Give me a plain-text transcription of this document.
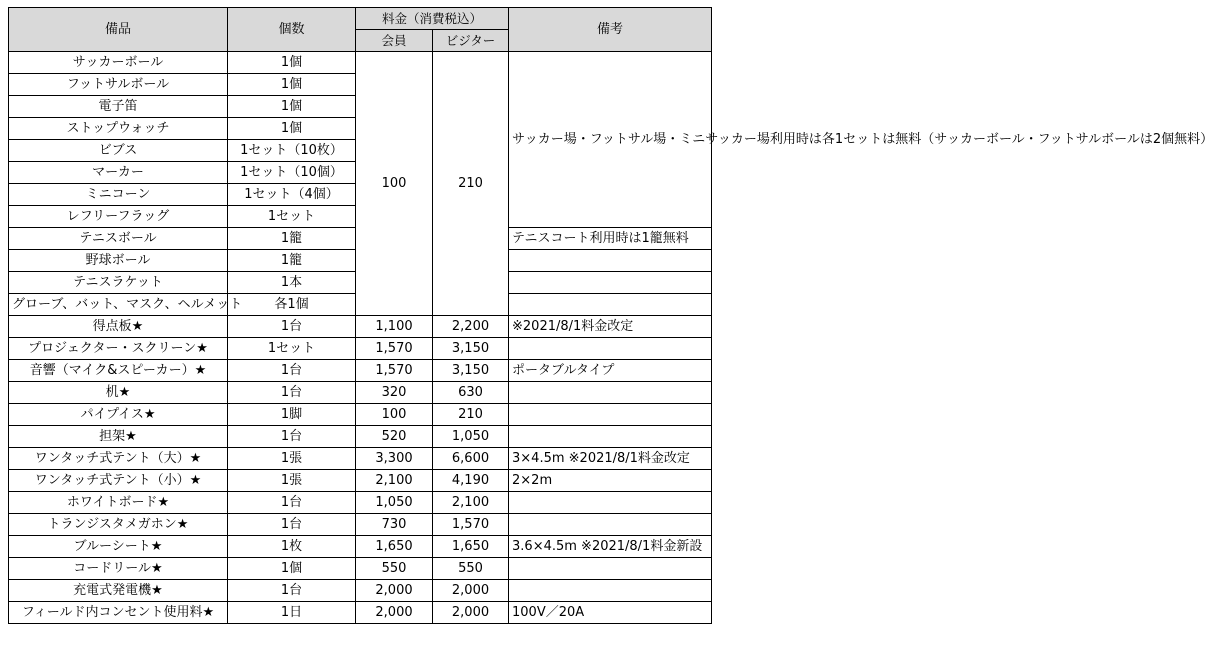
備品	個数	料金（消費税込）		備考
		会員	ビジター	
サッカーボール	1個	100	210	サッカー場・フットサル場・ミニサッカー場利用時は各1セットは無料（サッカーボール・フットサルボールは2個無料）
フットサルボール	1個			
電子笛	1個			
ストップウォッチ	1個			
ビブス	1セット（10枚）			
マーカー	1セット（10個）			
ミニコーン	1セット（4個）			
レフリーフラッグ	1セット			
テニスボール	1籠			テニスコート利用時は1籠無料
野球ボール	1籠			
テニスラケット	1本			
グローブ、バット、マスク、ヘルメット	各1個			
得点板★	1台	1,100	2,200	※2021/8/1料金改定
プロジェクター・スクリーン★	1セット	1,570	3,150	
音響（マイク&スピーカー）★	1台	1,570	3,150	ポータブルタイプ
机★	1台	320	630	
パイプイス★	1脚	100	210	
担架★	1台	520	1,050	
ワンタッチ式テント（大）★	1張	3,300	6,600	3×4.5m ※2021/8/1料金改定
ワンタッチ式テント（小）★	1張	2,100	4,190	2×2m
ホワイトボード★	1台	1,050	2,100	
トランジスタメガホン★	1台	730	1,570	
ブルーシート★	1枚	1,650	1,650	3.6×4.5m ※2021/8/1料金新設
コードリール★	1個	550	550	
充電式発電機★	1台	2,000	2,000	
フィールド内コンセント使用料★	1日	2,000	2,000	100V／20A
